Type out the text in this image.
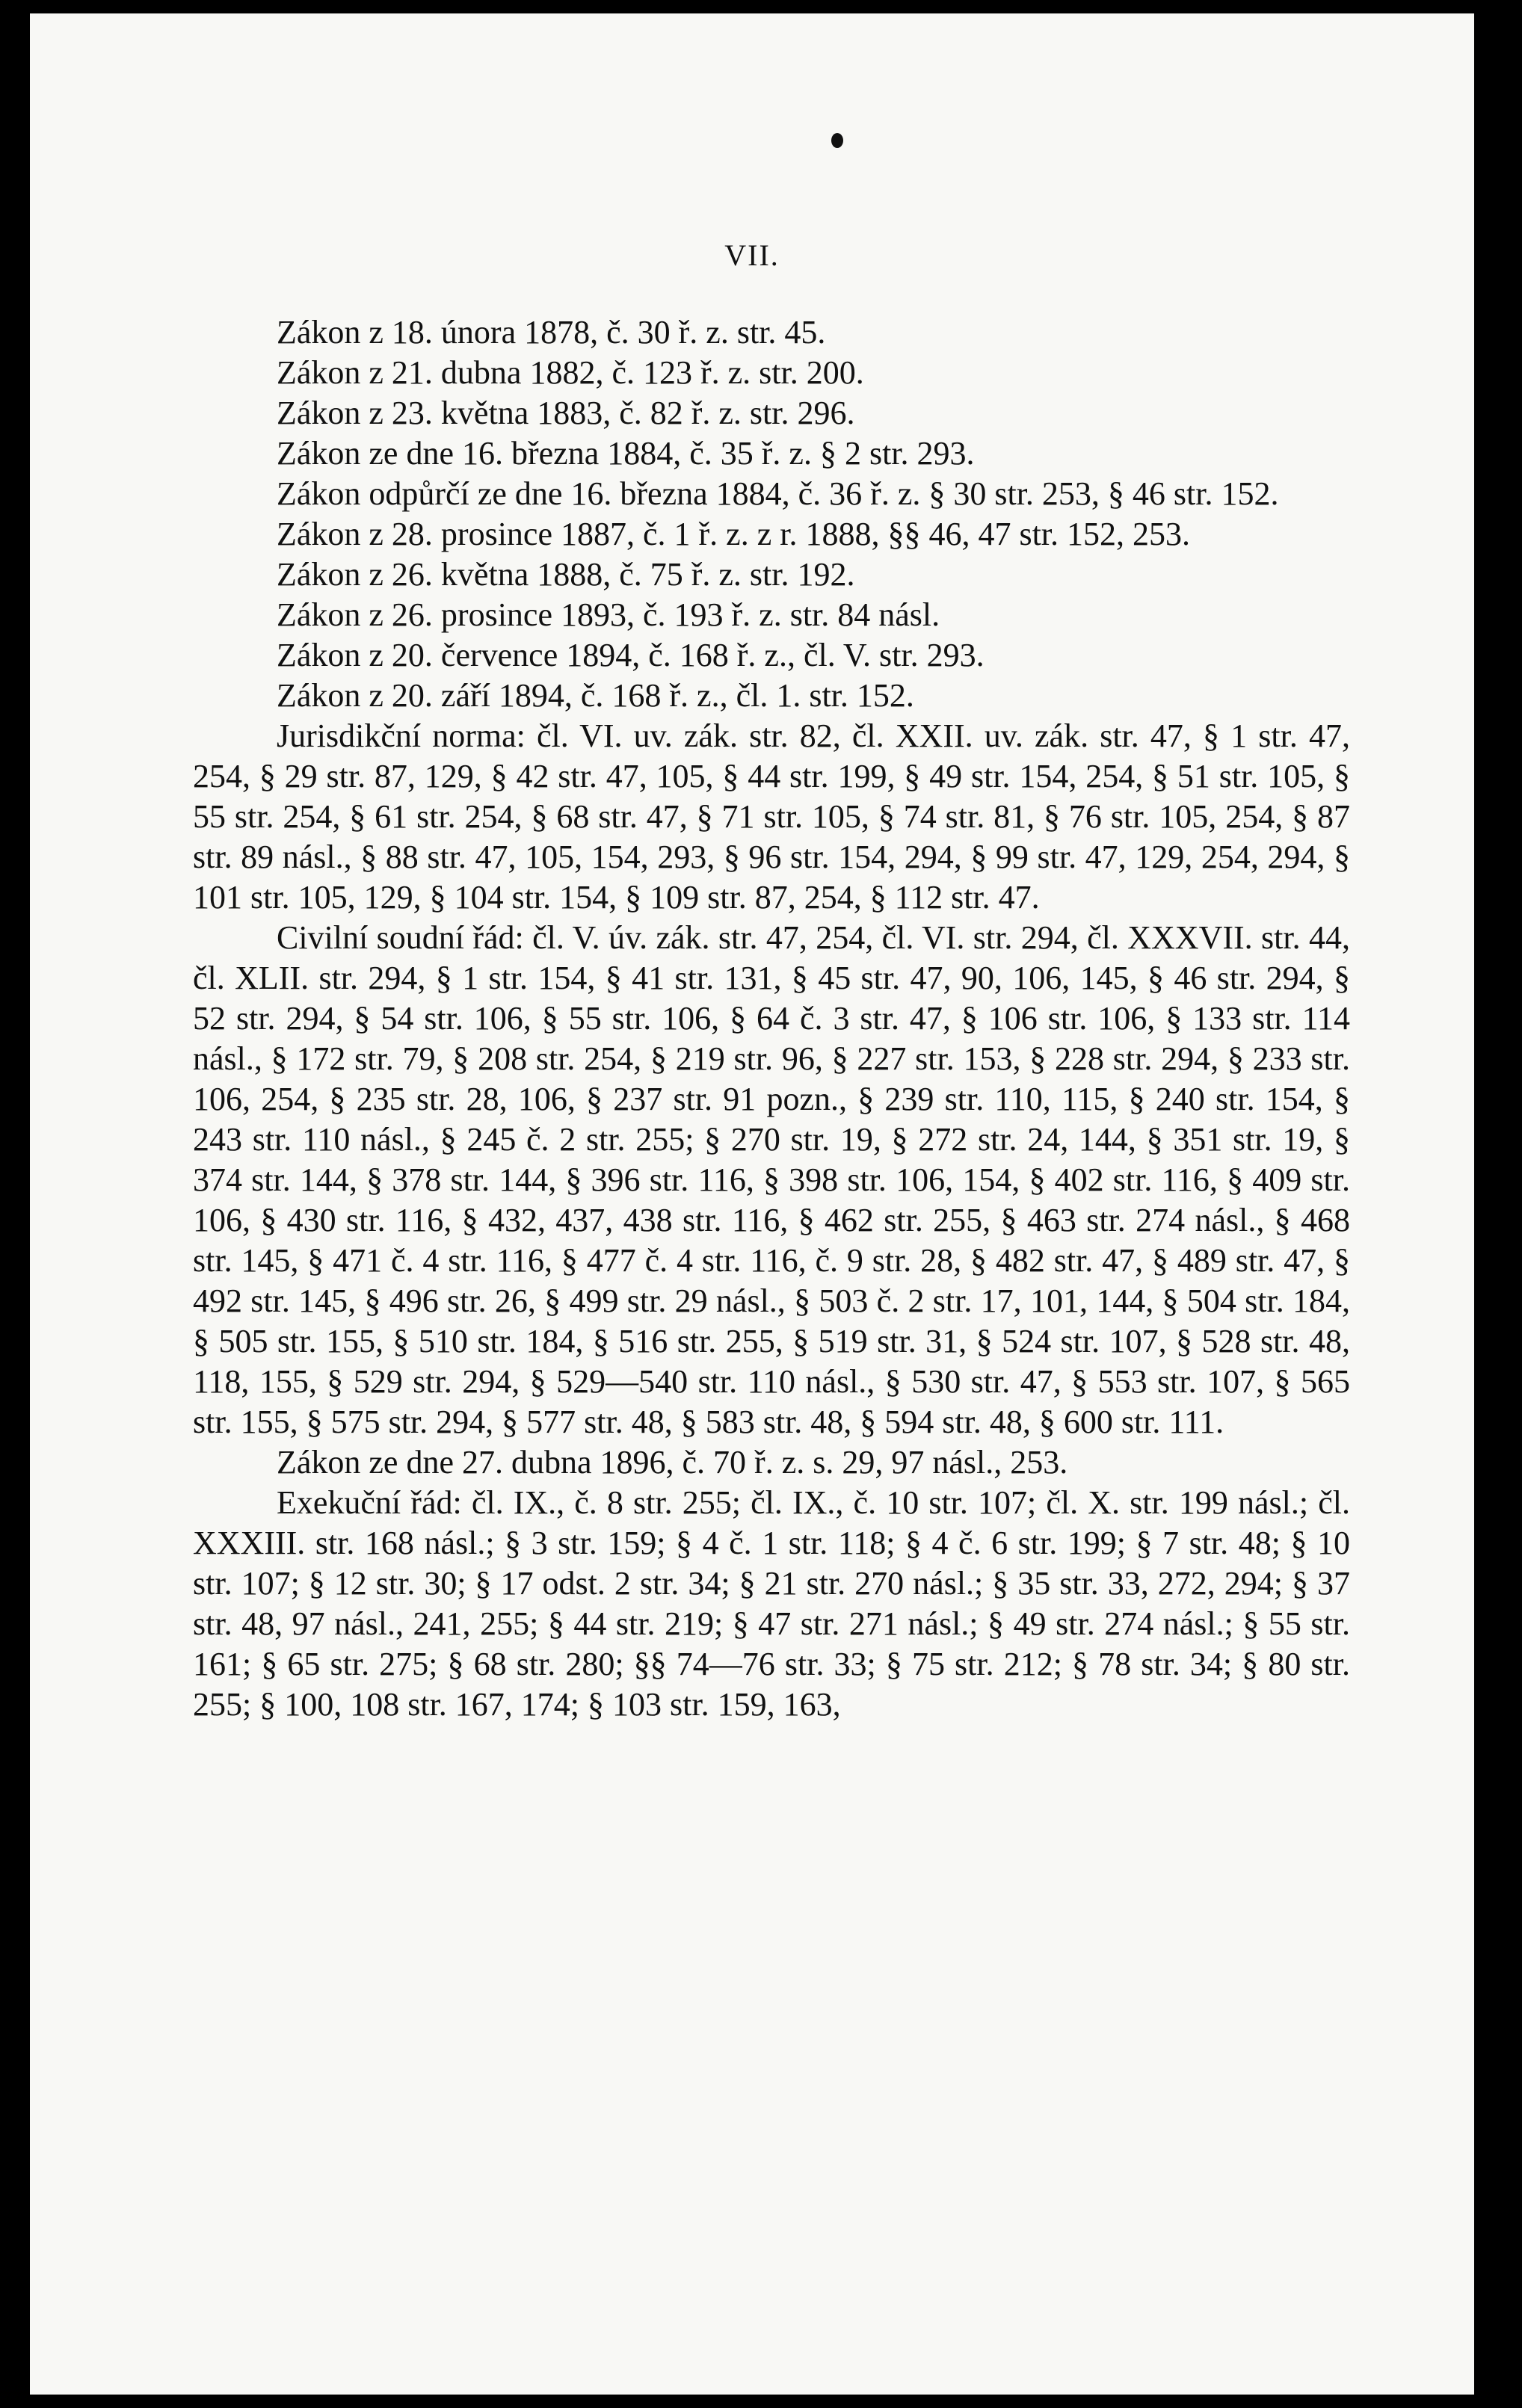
VII.
Zákon z 18. února 1878, č. 30 ř. z. str. 45.
Zákon z 21. dubna 1882, č. 123 ř. z. str. 200.
Zákon z 23. května 1883, č. 82 ř. z. str. 296.
Zákon ze dne 16. března 1884, č. 35 ř. z. § 2 str. 293.
Zákon odpůrčí ze dne 16. března 1884, č. 36 ř. z. § 30 str. 253, § 46 str. 152.
Zákon z 28. prosince 1887, č. 1 ř. z. z r. 1888, §§ 46, 47 str. 152, 253.
Zákon z 26. května 1888, č. 75 ř. z. str. 192.
Zákon z 26. prosince 1893, č. 193 ř. z. str. 84 násl.
Zákon z 20. července 1894, č. 168 ř. z., čl. V. str. 293.
Zákon z 20. září 1894, č. 168 ř. z., čl. 1. str. 152.
Jurisdikční norma: čl. VI. uv. zák. str. 82, čl. XXII. uv. zák. str. 47, § 1 str. 47, 254, § 29 str. 87, 129, § 42 str. 47, 105, § 44 str. 199, § 49 str. 154, 254, § 51 str. 105, § 55 str. 254, § 61 str. 254, § 68 str. 47, § 71 str. 105, § 74 str. 81, § 76 str. 105, 254, § 87 str. 89 násl., § 88 str. 47, 105, 154, 293, § 96 str. 154, 294, § 99 str. 47, 129, 254, 294, § 101 str. 105, 129, § 104 str. 154, § 109 str. 87, 254, § 112 str. 47.
Civilní soudní řád: čl. V. úv. zák. str. 47, 254, čl. VI. str. 294, čl. XXXVII. str. 44, čl. XLII. str. 294, § 1 str. 154, § 41 str. 131, § 45 str. 47, 90, 106, 145, § 46 str. 294, § 52 str. 294, § 54 str. 106, § 55 str. 106, § 64 č. 3 str. 47, § 106 str. 106, § 133 str. 114 násl., § 172 str. 79, § 208 str. 254, § 219 str. 96, § 227 str. 153, § 228 str. 294, § 233 str. 106, 254, § 235 str. 28, 106, § 237 str. 91 pozn., § 239 str. 110, 115, § 240 str. 154, § 243 str. 110 násl., § 245 č. 2 str. 255; § 270 str. 19, § 272 str. 24, 144, § 351 str. 19, § 374 str. 144, § 378 str. 144, § 396 str. 116, § 398 str. 106, 154, § 402 str. 116, § 409 str. 106, § 430 str. 116, § 432, 437, 438 str. 116, § 462 str. 255, § 463 str. 274 násl., § 468 str. 145, § 471 č. 4 str. 116, § 477 č. 4 str. 116, č. 9 str. 28, § 482 str. 47, § 489 str. 47, § 492 str. 145, § 496 str. 26, § 499 str. 29 násl., § 503 č. 2 str. 17, 101, 144, § 504 str. 184, § 505 str. 155, § 510 str. 184, § 516 str. 255, § 519 str. 31, § 524 str. 107, § 528 str. 48, 118, 155, § 529 str. 294, § 529—540 str. 110 násl., § 530 str. 47, § 553 str. 107, § 565 str. 155, § 575 str. 294, § 577 str. 48, § 583 str. 48, § 594 str. 48, § 600 str. 111.
Zákon ze dne 27. dubna 1896, č. 70 ř. z. s. 29, 97 násl., 253.
Exekuční řád: čl. IX., č. 8 str. 255; čl. IX., č. 10 str. 107; čl. X. str. 199 násl.; čl. XXXIII. str. 168 násl.; § 3 str. 159; § 4 č. 1 str. 118; § 4 č. 6 str. 199; § 7 str. 48; § 10 str. 107; § 12 str. 30; § 17 odst. 2 str. 34; § 21 str. 270 násl.; § 35 str. 33, 272, 294; § 37 str. 48, 97 násl., 241, 255; § 44 str. 219; § 47 str. 271 násl.; § 49 str. 274 násl.; § 55 str. 161; § 65 str. 275; § 68 str. 280; §§ 74—76 str. 33; § 75 str. 212; § 78 str. 34; § 80 str. 255; § 100, 108 str. 167, 174; § 103 str. 159, 163,
